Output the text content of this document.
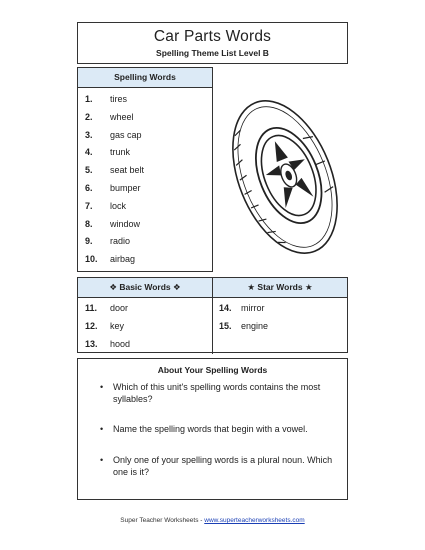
Car Parts Words
Spelling Theme List Level B
Spelling Words
1. tires
2. wheel
3. gas cap
4. trunk
5. seat belt
6. bumper
7. lock
8. window
9. radio
10. airbag
❖ Basic Words ❖	★ Star Words ★
11. door
12. key
13. hood
14. mirror
15. engine
About Your Spelling Words
• Which of this unit's spelling words contains the most syllables?
• Name the spelling words that begin with a vowel.
• Only one of your spelling words is a plural noun. Which one is it?
Super Teacher Worksheets - www.superteacherworksheets.com
